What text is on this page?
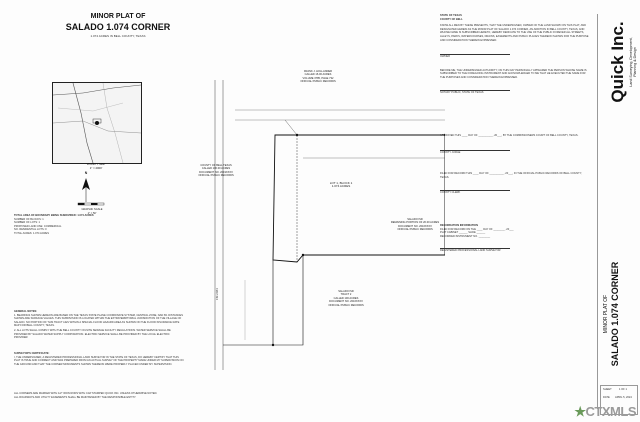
MINOR PLAT OF
SALADO 1.074 CORNER
1.074 ACRES IN BELL COUNTY, TEXAS
VICINITY MAP
1" = 2000'
N
GRAPHIC SCALE
1" = 50'
TOTAL AREA OF BOUNDARY BEING SUBDIVIDED: 1.074 ACRES
NUMBER OF BLOCKS: 1
NUMBER OF LOTS: 1
PROPOSED LAND USE: COMMERCIAL
NO. RESIDENTIAL LOTS: 0
TOTAL ACRES: 1.074 ACRES
GENERAL NOTES:
1. BEARINGS SHOWN HEREON ARE BASED ON THE TEXAS STATE PLANE COORDINATE SYSTEM, CENTRAL ZONE, NAD 83. DISTANCES SHOWN ARE SURFACE VALUES. THIS SUBDIVISION IS LOCATED WITHIN THE EXTRATERRITORIAL JURISDICTION OF THE VILLAGE OF SALADO. NO PORTION OF THIS TRACT LIES WITHIN A SPECIAL FLOOD HAZARD AREA AS SHOWN ON THE FLOOD INSURANCE RATE MAP FOR BELL COUNTY, TEXAS.
2. ALL LOTS SHALL COMPLY WITH THE BELL COUNTY ON-SITE SEWAGE FACILITY REGULATIONS. WATER SERVICE SHALL BE PROVIDED BY SALADO WATER SUPPLY CORPORATION. ELECTRIC SERVICE SHALL BE PROVIDED BY THE LOCAL ELECTRIC PROVIDER.
SURVEYOR'S CERTIFICATE:
I, THE UNDERSIGNED, A REGISTERED PROFESSIONAL LAND SURVEYOR IN THE STATE OF TEXAS, DO HEREBY CERTIFY THAT THIS PLAT IS TRUE AND CORRECT AND WAS PREPARED FROM AN ACTUAL SURVEY OF THE PROPERTY MADE UNDER MY SUPERVISION ON THE GROUND AND THAT THE CORNER MONUMENTS SHOWN THEREON WERE PROPERLY PLACED UNDER MY SUPERVISION.
ALL CORNERS ARE MARKED WITH 1/2" IRON RODS WITH CAP STAMPED QUICK INC. UNLESS OTHERWISE NOTED.
ALL ROADWAYS AND UTILITY EASEMENTS SHALL BE MAINTAINED BY THE RESPONSIBLE ENTITY.
LOT 1, BLOCK 1
1.074 ACRES
FRANK J. HOLLANDER
CALLED 16.00 ACRES
VOLUME 3785, PAGE 732
OFFICIAL PUBLIC RECORDS
COUNTY OF BELL TEXAS
CALLED 100.00 ACRES
DOCUMENT NO. 2019XXXX
OFFICIAL PUBLIC RECORDS
SALADO ISD
REMAINING PORTION OF 20.00 ACRES
DOCUMENT NO. 2016XXXX
OFFICIAL PUBLIC RECORDS
SALADO ISD
TRACT 2
CALLED 100 ACRES
DOCUMENT NO. 2016XXXX
OFFICIAL PUBLIC RECORDS
FM 2484
STATE OF TEXAS
COUNTY OF BELL
KNOW ALL MEN BY THESE PRESENTS, THAT THE UNDERSIGNED, OWNER OF THE LAND SHOWN ON THIS PLAT, AND DESIGNATED HEREIN AS THE MINOR PLAT OF SALADO 1.074 CORNER, AN ADDITION IN BELL COUNTY, TEXAS, AND WHOSE NAME IS SUBSCRIBED HERETO, HEREBY DEDICATE TO THE USE OF THE PUBLIC FOREVER ALL STREETS, ALLEYS, PARKS, WATERCOURSES, DRAINS, EASEMENTS AND PUBLIC PLACES THEREON SHOWN FOR THE PURPOSE AND CONSIDERATION THEREIN EXPRESSED.
OWNER
BEFORE ME, THE UNDERSIGNED AUTHORITY, ON THIS DAY PERSONALLY APPEARED THE PERSON WHOSE NAME IS SUBSCRIBED TO THE FOREGOING INSTRUMENT AND ACKNOWLEDGED TO ME THAT HE EXECUTED THE SAME FOR THE PURPOSES AND CONSIDERATION THEREIN EXPRESSED.
NOTARY PUBLIC, STATE OF TEXAS
APPROVED THIS ____ DAY OF __________, 20___, BY THE COMMISSIONERS COURT OF BELL COUNTY, TEXAS.
COUNTY JUDGE
FILED FOR RECORD THIS ____ DAY OF __________, 20___, IN THE OFFICIAL PUBLIC RECORDS OF BELL COUNTY, TEXAS.
COUNTY CLERK
RECORDATION INFORMATION
FILED FOR RECORD ON THE ____ DAY OF ________, 20___
PLAT CABINET ______ SLIDE ______
RECORDED INSTRUMENT NO. ________
REGISTERED PROFESSIONAL LAND SURVEYOR
Quick Inc. Land Surveying, Development, Planning & Design
MINOR PLAT OF SALADO 1.074 CORNER
SHEET	1 OF 1
DATE APRIL 5, 2024
★CTXMLS
